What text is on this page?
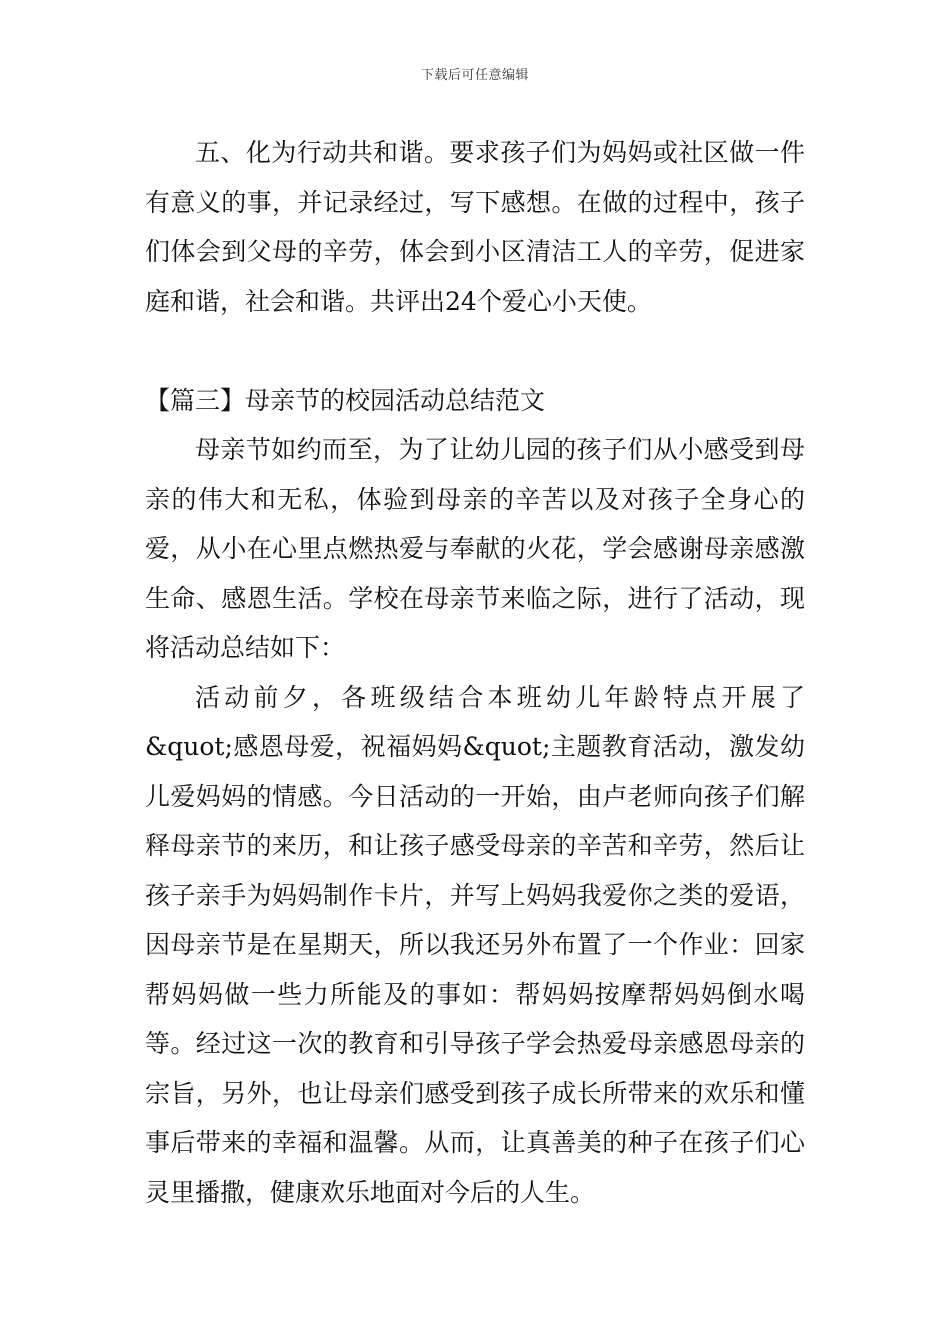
下载后可任意编辑

五、化为行动共和谐。要求孩子们为妈妈或社区做一件有意义的事，并记录经过，写下感想。在做的过程中，孩子们体会到父母的辛劳，体会到小区清洁工人的辛劳，促进家庭和谐，社会和谐。共评出24个爱心小天使。

【篇三】母亲节的校园活动总结范文

母亲节如约而至，为了让幼儿园的孩子们从小感受到母亲的伟大和无私，体验到母亲的辛苦以及对孩子全身心的爱，从小在心里点燃热爱与奉献的火花，学会感谢母亲感激生命、感恩生活。学校在母亲节来临之际，进行了活动，现将活动总结如下：

活动前夕，各班级结合本班幼儿年龄特点开展了&quot;感恩母爱，祝福妈妈&quot;主题教育活动，激发幼儿爱妈妈的情感。今日活动的一开始，由卢老师向孩子们解释母亲节的来历，和让孩子感受母亲的辛苦和辛劳，然后让孩子亲手为妈妈制作卡片，并写上妈妈我爱你之类的爱语，因母亲节是在星期天，所以我还另外布置了一个作业：回家帮妈妈做一些力所能及的事如：帮妈妈按摩帮妈妈倒水喝等。经过这一次的教育和引导孩子学会热爱母亲感恩母亲的宗旨，另外，也让母亲们感受到孩子成长所带来的欢乐和懂事后带来的幸福和温馨。从而，让真善美的种子在孩子们心灵里播撒，健康欢乐地面对今后的人生。
